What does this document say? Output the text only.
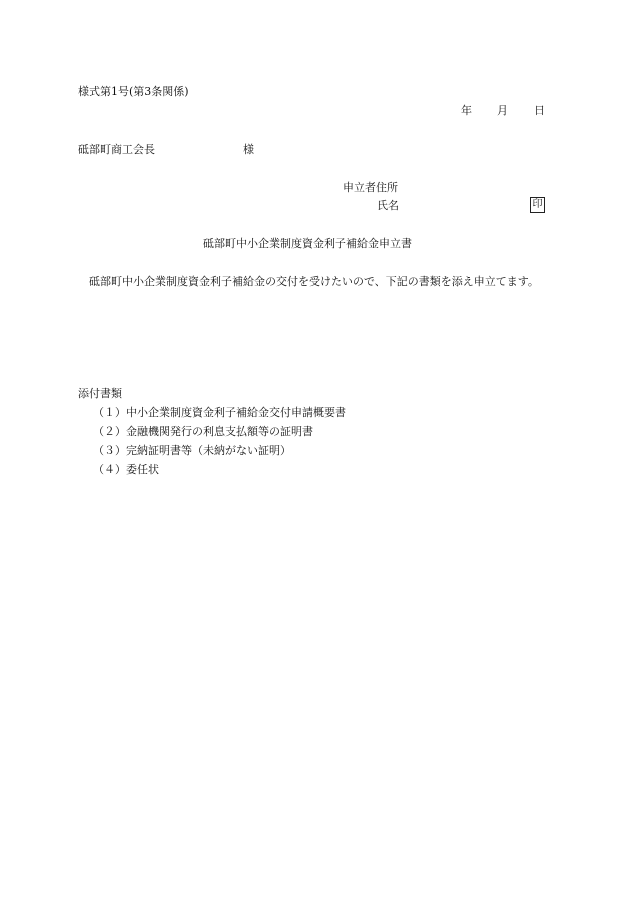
様式第1号(第3条関係)
年 月 日
砥部町商工会長	様
申立者住所
氏名	印
砥部町中小企業制度資金利子補給金申立書
砥部町中小企業制度資金利子補給金の交付を受けたいので、下記の書類を添え申立てます。
添付書類
（１）中小企業制度資金利子補給金交付申請概要書
（２）金融機関発行の利息支払額等の証明書
（３）完納証明書等（未納がない証明）
（４）委任状
